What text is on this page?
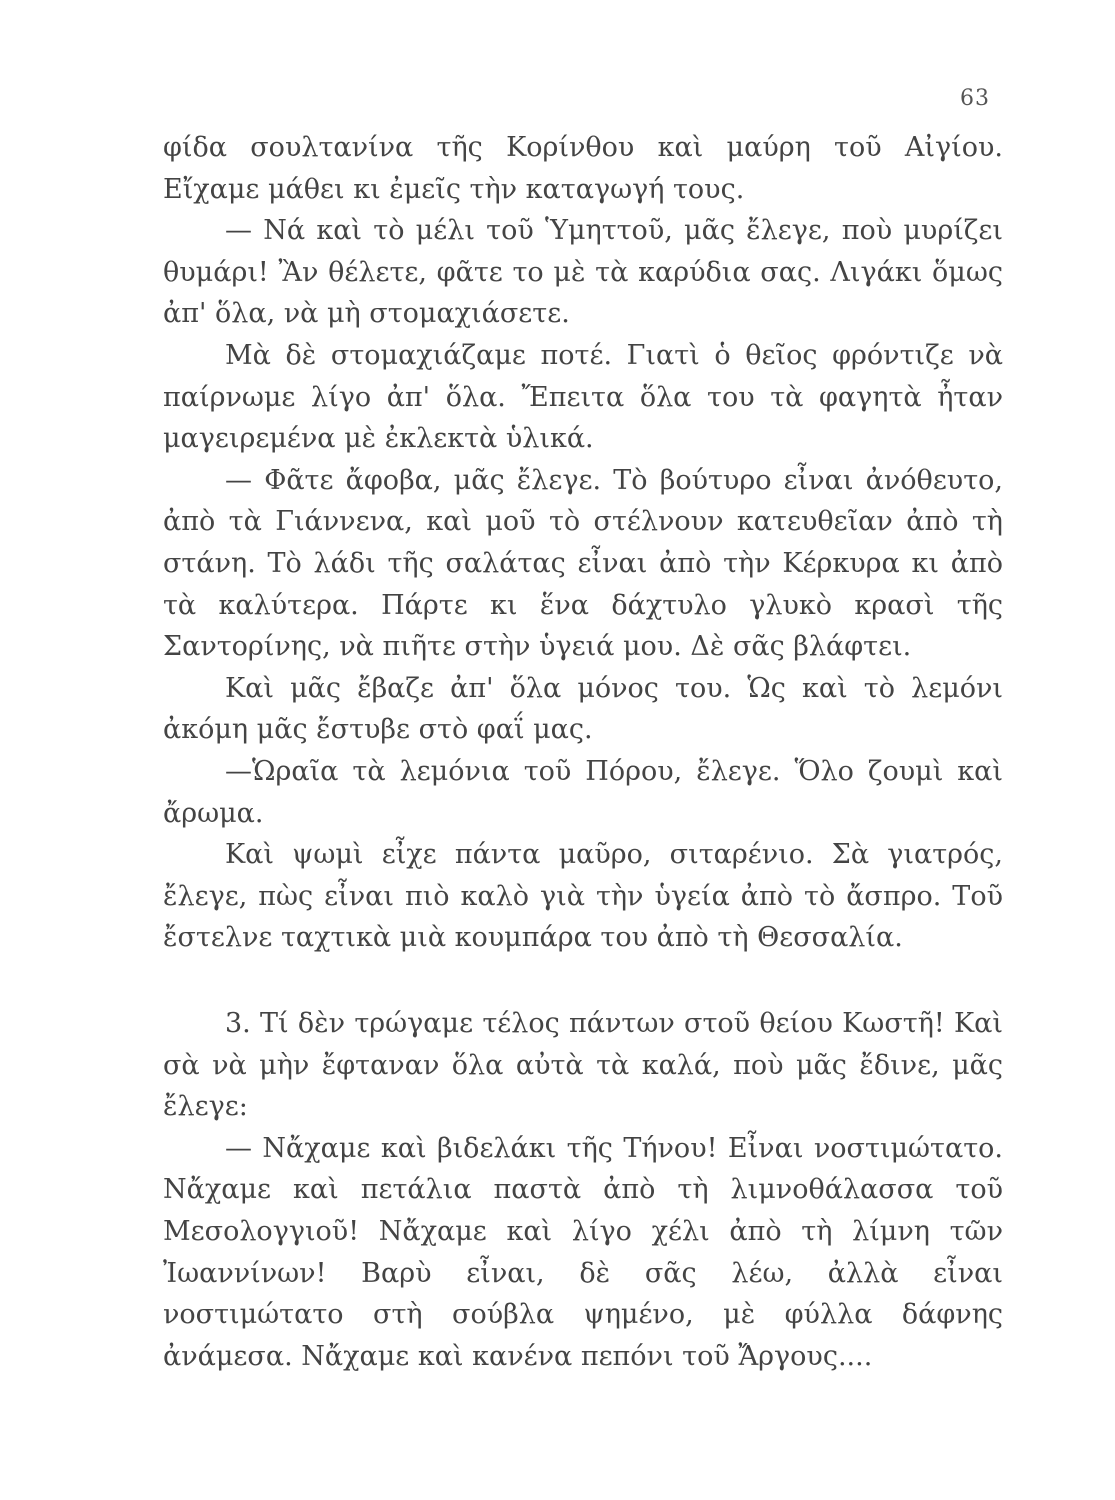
63

φίδα σουλτανίνα τῆς Κορίνθου καὶ μαύρη τοῦ Αἰγίου. Εἴχαμε μάθει κι ἐμεῖς τὴν καταγωγή τους.

— Νά καὶ τὸ μέλι τοῦ Ὑμηττοῦ, μᾶς ἔλεγε, ποὺ μυρίζει θυμάρι! Ἂν θέλετε, φᾶτε το μὲ τὰ καρύδια σας. Λιγάκι ὅμως ἀπ' ὅλα, νὰ μὴ στομαχιάσετε.

Μὰ δὲ στομαχιάζαμε ποτέ. Γιατὶ ὁ θεῖος φρόντιζε νὰ παίρνωμε λίγο ἀπ' ὅλα. Ἔπειτα ὅλα του τὰ φαγητὰ ἦταν μαγειρεμένα μὲ ἐκλεκτὰ ὑλικά.

— Φᾶτε ἄφοβα, μᾶς ἔλεγε. Τὸ βούτυρο εἶναι ἀνόθευτο, ἀπὸ τὰ Γιάννενα, καὶ μοῦ τὸ στέλνουν κατευθεῖαν ἀπὸ τὴ στάνη. Τὸ λάδι τῆς σαλάτας εἶναι ἀπὸ τὴν Κέρκυρα κι ἀπὸ τὰ καλύτερα. Πάρτε κι ἕνα δάχτυλο γλυκὸ κρασὶ τῆς Σαντορίνης, νὰ πιῆτε στὴν ὑγειά μου. Δὲ σᾶς βλάφτει.

Καὶ μᾶς ἔβαζε ἀπ' ὅλα μόνος του. Ὡς καὶ τὸ λεμόνι ἀκόμη μᾶς ἔστυβε στὸ φαΐ μας.

—Ὡραῖα τὰ λεμόνια τοῦ Πόρου, ἔλεγε. Ὅλο ζουμὶ καὶ ἄρωμα.

Καὶ ψωμὶ εἶχε πάντα μαῦρο, σιταρένιο. Σὰ γιατρός, ἔλεγε, πὼς εἶναι πιὸ καλὸ γιὰ τὴν ὑγεία ἀπὸ τὸ ἄσπρο. Τοῦ ἔστελνε ταχτικὰ μιὰ κουμπάρα του ἀπὸ τὴ Θεσσαλία.

3. Τί δὲν τρώγαμε τέλος πάντων στοῦ θείου Κωστῆ! Καὶ σὰ νὰ μὴν ἔφταναν ὅλα αὐτὰ τὰ καλά, ποὺ μᾶς ἔδινε, μᾶς ἔλεγε:

— Νἄχαμε καὶ βιδελάκι τῆς Τήνου! Εἶναι νοστιμώτατο. Νἄχαμε καὶ πετάλια παστὰ ἀπὸ τὴ λιμνοθάλασσα τοῦ Μεσολογγιοῦ! Νἄχαμε καὶ λίγο χέλι ἀπὸ τὴ λίμνη τῶν Ἰωαννίνων! Βαρὺ εἶναι, δὲ σᾶς λέω, ἀλλὰ εἶναι νοστιμώτατο στὴ σούβλα ψημένο, μὲ φύλλα δάφνης ἀνάμεσα. Νἄχαμε καὶ κανένα πεπόνι τοῦ Ἄργους....
